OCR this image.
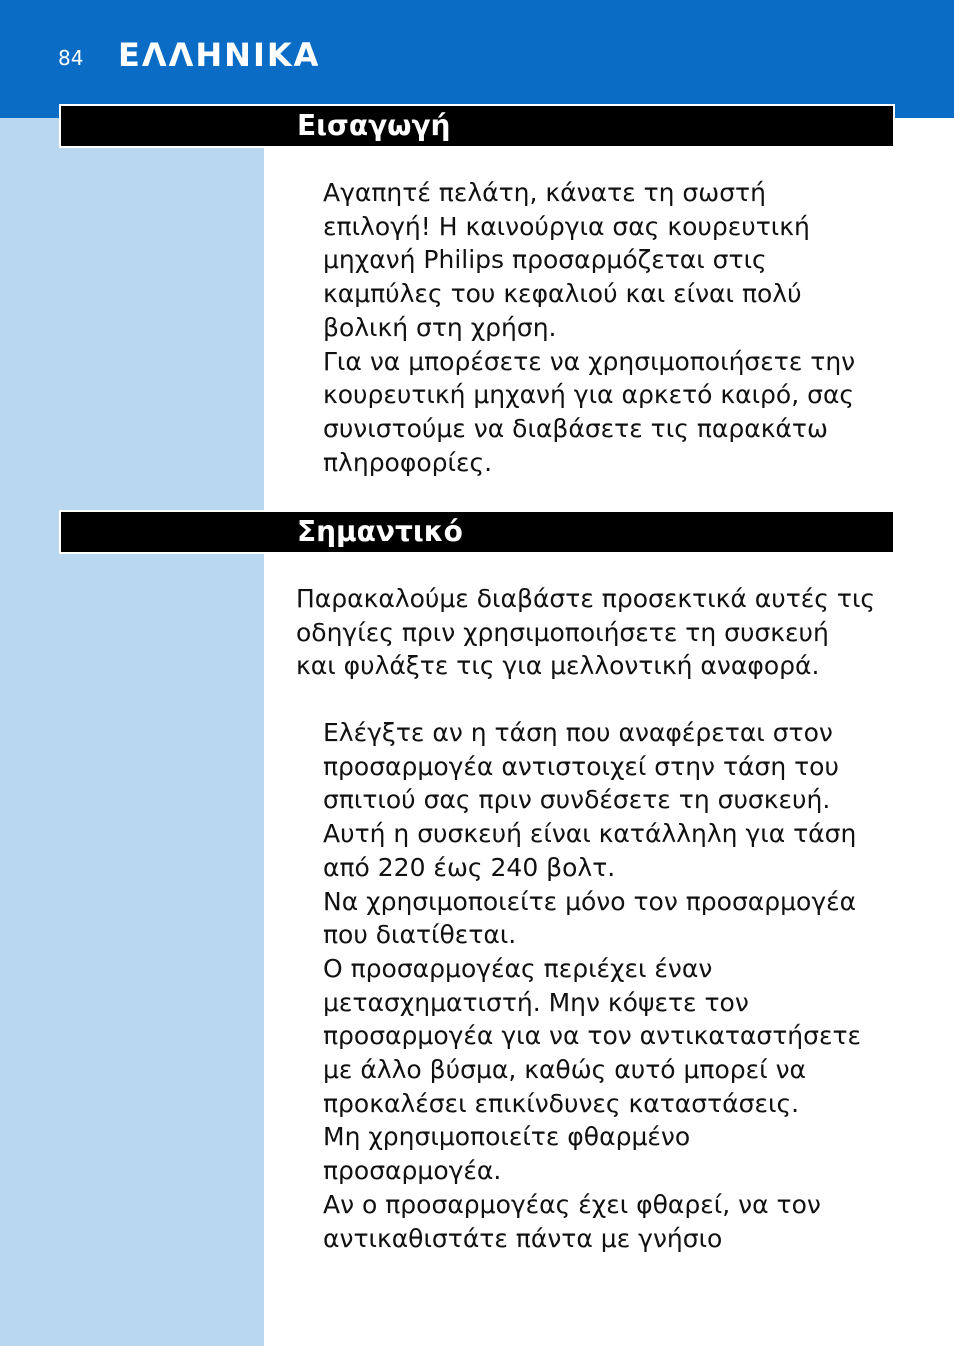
84 ΕΛΛΗΝΙΚΑ
Εισαγωγή
Αγαπητέ πελάτη, κάνατε τη σωστή
επιλογή! Η καινούργια σας κουρευτική
μηχανή Philips προσαρμόζεται στις
καμπύλες του κεφαλιού και είναι πολύ
βολική στη χρήση.
Για να μπορέσετε να χρησιμοποιήσετε την
κουρευτική μηχανή για αρκετό καιρό, σας
συνιστούμε να διαβάσετε τις παρακάτω
πληροφορίες.
Σημαντικό
Παρακαλούμε διαβάστε προσεκτικά αυτές τις
οδηγίες πριν χρησιμοποιήσετε τη συσκευή
και φυλάξτε τις για μελλοντική αναφορά.
Ελέγξτε αν η τάση που αναφέρεται στον
προσαρμογέα αντιστοιχεί στην τάση του
σπιτιού σας πριν συνδέσετε τη συσκευή.
Αυτή η συσκευή είναι κατάλληλη για τάση
από 220 έως 240 βολτ.
Να χρησιμοποιείτε μόνο τον προσαρμογέα
που διατίθεται.
Ο προσαρμογέας περιέχει έναν
μετασχηματιστή. Μην κόψετε τον
προσαρμογέα για να τον αντικαταστήσετε
με άλλο βύσμα, καθώς αυτό μπορεί να
προκαλέσει επικίνδυνες καταστάσεις.
Μη χρησιμοποιείτε φθαρμένο
προσαρμογέα.
Αν ο προσαρμογέας έχει φθαρεί, να τον
αντικαθιστάτε πάντα με γνήσιο
